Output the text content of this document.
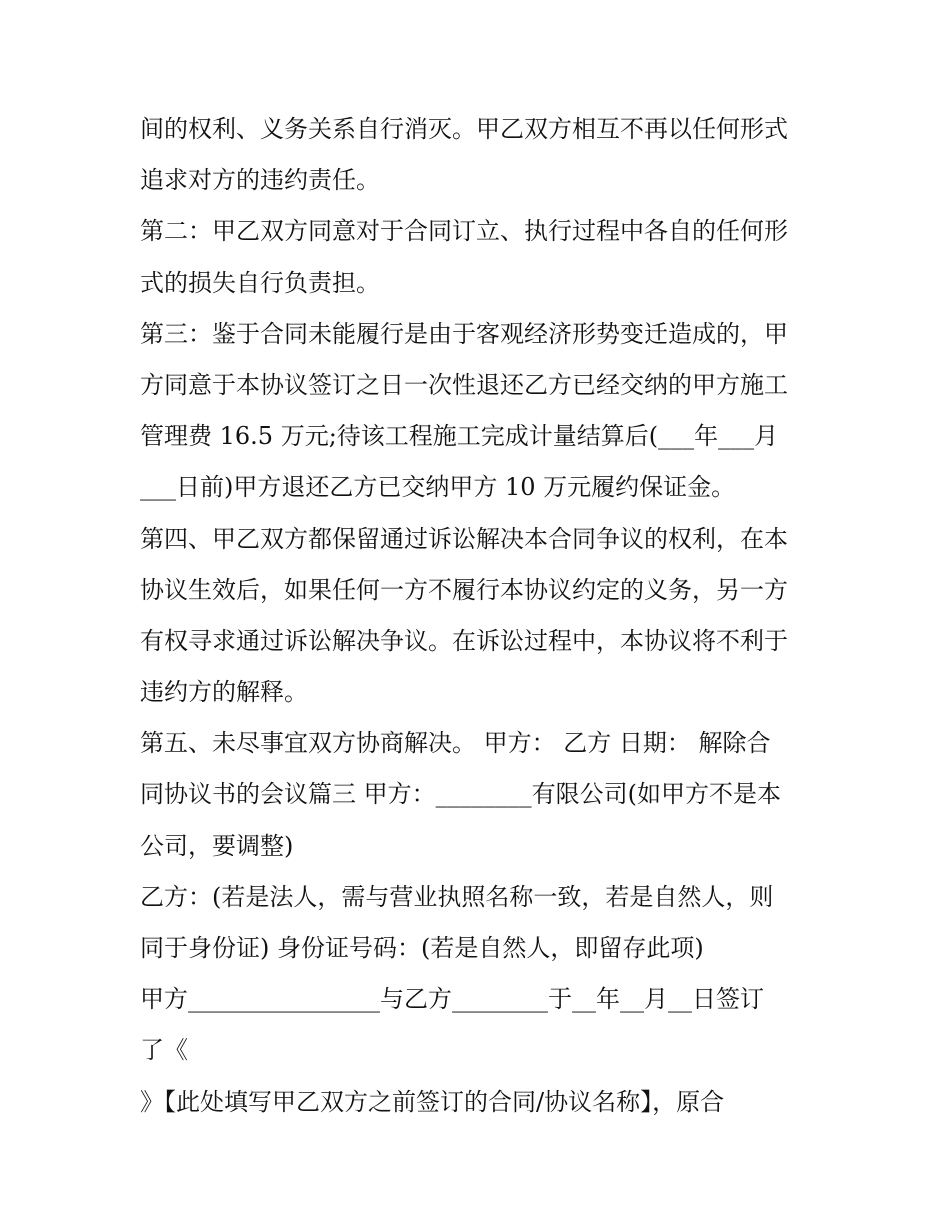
间的权利、义务关系自行消灭。甲乙双方相互不再以任何形式
追求对方的违约责任。
第二：甲乙双方同意对于合同订立、执行过程中各自的任何形
式的损失自行负责担。
第三：鉴于合同未能履行是由于客观经济形势变迁造成的，甲
方同意于本协议签订之日一次性退还乙方已经交纳的甲方施工
管理费 16.5 万元;待该工程施工完成计量结算后(___年___月
___日前)甲方退还乙方已交纳甲方 10 万元履约保证金。
第四、甲乙双方都保留通过诉讼解决本合同争议的权利，在本
协议生效后，如果任何一方不履行本协议约定的义务，另一方
有权寻求通过诉讼解决争议。在诉讼过程中，本协议将不利于
违约方的解释。
第五、未尽事宜双方协商解决。 甲方： 乙方 日期： 解除合
同协议书的会议篇三 甲方：________有限公司(如甲方不是本
公司，要调整)
乙方：(若是法人，需与营业执照名称一致，若是自然人，则
同于身份证) 身份证号码：(若是自然人，即留存此项)
甲方________________与乙方________于__年__月__日签订
了《
》【此处填写甲乙双方之前签订的合同/协议名称】，原合
